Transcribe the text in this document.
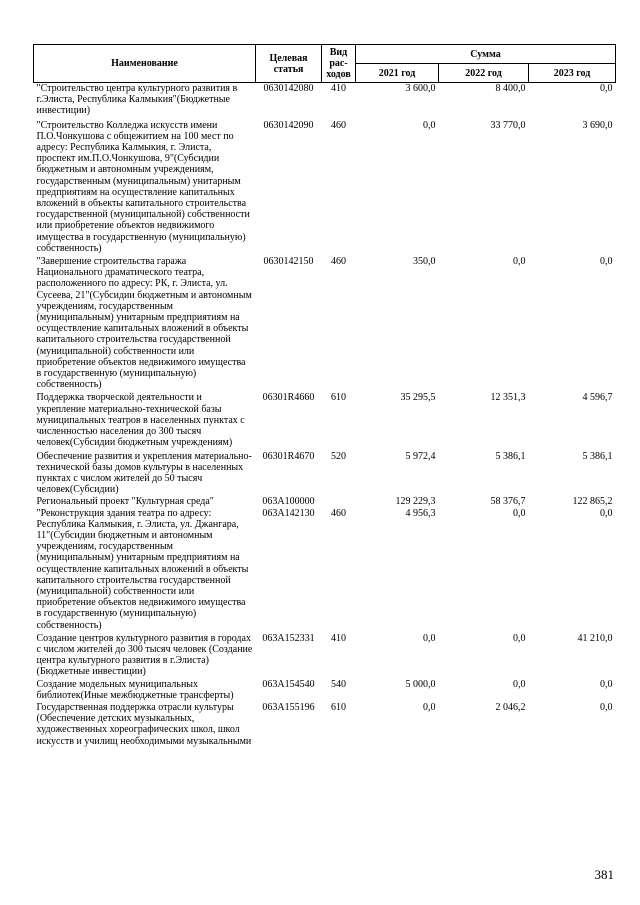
Наименование	Целевая статья	Вид рас-ходов	Сумма		
			2021 год	2022 год	2023 год
"Строительство центра культурного развития в г.Элиста, Республика Калмыкия"(Бюджетные инвестиции)	0630142080	410	3 600,0	8 400,0	0,0
"Строительство Колледжа искусств имени П.О.Чонкушова с общежитием на 100 мест по адресу: Республика Калмыкия, г. Элиста, проспект им.П.О.Чонкушова, 9"(Субсидии бюджетным и автономным учреждениям, государственным (муниципальным) унитарным предприятиям на осуществление капитальных вложений в объекты капитального строительства государственной (муниципальной) собственности или приобретение объектов недвижимого имущества в государственную (муниципальную) собственность)	0630142090	460	0,0	33 770,0	3 690,0
"Завершение строительства гаража Национального драматического театра, расположенного по адресу: РК, г. Элиста, ул. Сусеева, 21"(Субсидии бюджетным и автономным учреждениям, государственным (муниципальным) унитарным предприятиям на осуществление капитальных вложений в объекты капитального строительства государственной (муниципальной) собственности или приобретение объектов недвижимого имущества в государственную (муниципальную) собственность)	0630142150	460	350,0	0,0	0,0
Поддержка творческой деятельности и укрепление материально-технической базы муниципальных театров в населенных пунктах с численностью населения до 300 тысяч человек(Субсидии бюджетным учреждениям)	06301R4660	610	35 295,5	12 351,3	4 596,7
Обеспечение развития и укрепления материально-технической базы домов культуры в населенных пунктах с числом жителей до 50 тысяч человек(Субсидии)	06301R4670	520	5 972,4	5 386,1	5 386,1
Региональный проект "Культурная среда"	063A100000		129 229,3	58 376,7	122 865,2
"Реконструкция здания театра по адресу: Республика Калмыкия, г. Элиста, ул. Джангара, 11"(Субсидии бюджетным и автономным учреждениям, государственным (муниципальным) унитарным предприятиям на осуществление капитальных вложений в объекты капитального строительства государственной (муниципальной) собственности или приобретение объектов недвижимого имущества в государственную (муниципальную) собственность)	063A142130	460	4 956,3	0,0	0,0
Создание центров культурного развития в городах с числом жителей до 300 тысяч человек (Создание центра культурного развития в г.Элиста)(Бюджетные инвестиции)	063A152331	410	0,0	0,0	41 210,0
Создание модельных муниципальных библиотек(Иные межбюджетные трансферты)	063A154540	540	5 000,0	0,0	0,0
Государственная поддержка отрасли культуры (Обеспечение детских музыкальных, художественных хореографических школ, школ искусств и училищ необходимыми музыкальными	063A155196	610	0,0	2 046,2	0,0
381
